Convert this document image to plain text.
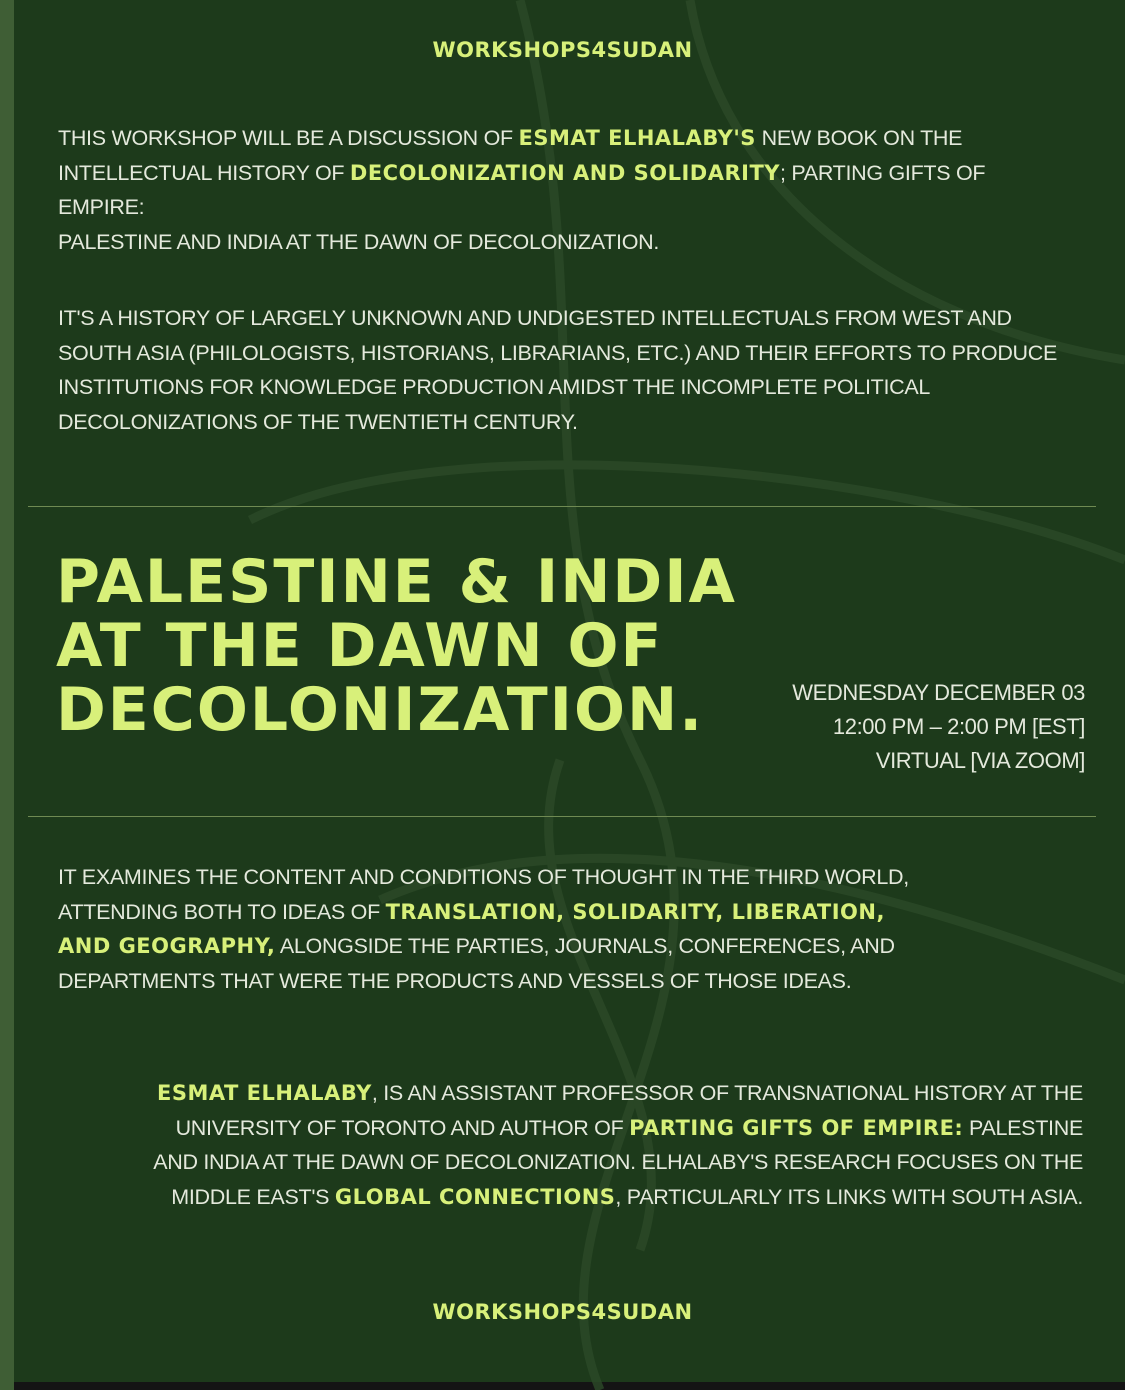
WORKSHOPS4SUDAN
THIS WORKSHOP WILL BE A DISCUSSION OF ESMAT ELHALABY'S NEW BOOK ON THE INTELLECTUAL HISTORY OF DECOLONIZATION AND SOLIDARITY; PARTING GIFTS OF EMPIRE:
PALESTINE AND INDIA AT THE DAWN OF DECOLONIZATION.
IT'S A HISTORY OF LARGELY UNKNOWN AND UNDIGESTED INTELLECTUALS FROM WEST AND SOUTH ASIA (PHILOLOGISTS, HISTORIANS, LIBRARIANS, ETC.) AND THEIR EFFORTS TO PRODUCE INSTITUTIONS FOR KNOWLEDGE PRODUCTION AMIDST THE INCOMPLETE POLITICAL DECOLONIZATIONS OF THE TWENTIETH CENTURY.
PALESTINE & INDIA
AT THE DAWN OF
DECOLONIZATION.	WEDNESDAY DECEMBER 03
12:00 PM – 2:00 PM [EST]
VIRTUAL [VIA ZOOM]
IT EXAMINES THE CONTENT AND CONDITIONS OF THOUGHT IN THE THIRD WORLD, ATTENDING BOTH TO IDEAS OF TRANSLATION, SOLIDARITY, LIBERATION, AND GEOGRAPHY, ALONGSIDE THE PARTIES, JOURNALS, CONFERENCES, AND DEPARTMENTS THAT WERE THE PRODUCTS AND VESSELS OF THOSE IDEAS.
ESMAT ELHALABY, IS AN ASSISTANT PROFESSOR OF TRANSNATIONAL HISTORY AT THE UNIVERSITY OF TORONTO AND AUTHOR OF PARTING GIFTS OF EMPIRE: PALESTINE AND INDIA AT THE DAWN OF DECOLONIZATION. ELHALABY'S RESEARCH FOCUSES ON THE MIDDLE EAST'S GLOBAL CONNECTIONS, PARTICULARLY ITS LINKS WITH SOUTH ASIA.
WORKSHOPS4SUDAN
